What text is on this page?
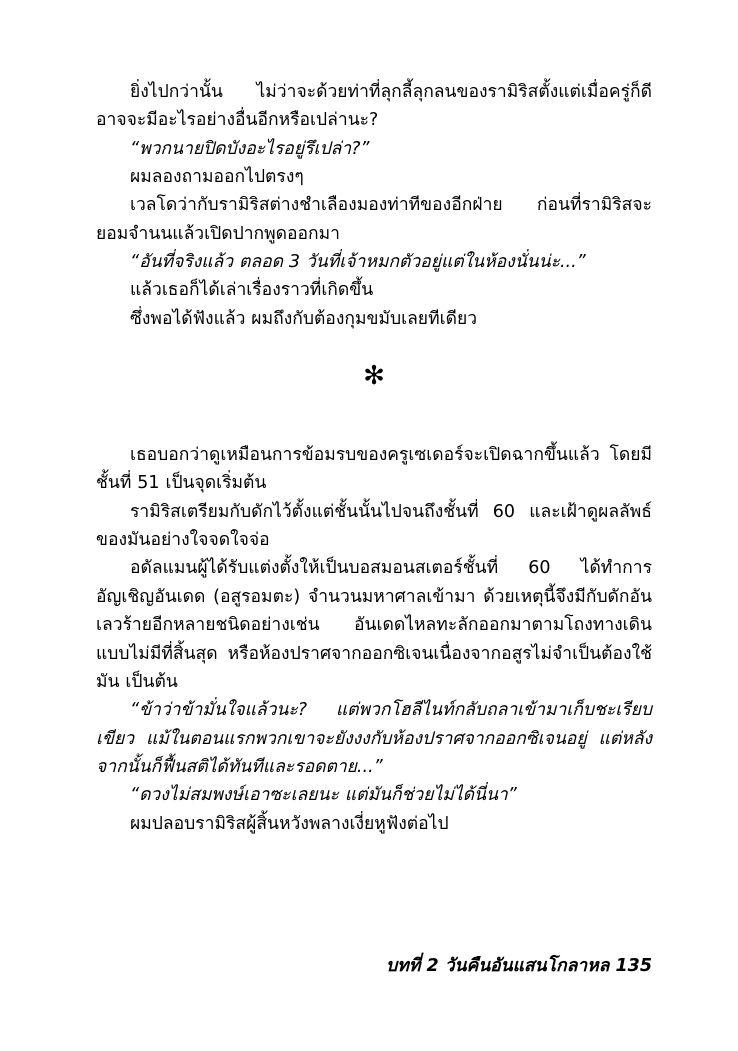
ยิ่งไปกว่านั้น ไม่ว่าจะด้วยท่าที่ลุกลี้ลุกลนของรามิริสตั้งแต่เมื่อครู่ก็ดี อาจจะมีอะไรอย่างอื่นอีกหรือเปล่านะ?

“พวกนายปิดบังอะไรอยู่รึเปล่า?”

ผมลองถามออกไปตรงๆ

เวลโดว่ากับรามิริสต่างชำเลืองมองท่าทีของอีกฝ่าย ก่อนที่รามิริสจะยอมจำนนแล้วเปิดปากพูดออกมา

“อันที่จริงแล้ว ตลอด 3 วันที่เจ้าหมกตัวอยู่แต่ในห้องนั่นน่ะ...”

แล้วเธอก็ได้เล่าเรื่องราวที่เกิดขึ้น

ซึ่งพอได้ฟังแล้ว ผมถึงกับต้องกุมขมับเลยทีเดียว

✻

เธอบอกว่าดูเหมือนการข้อมรบของครูเซเดอร์จะเปิดฉากขึ้นแล้ว โดยมีชั้นที่ 51 เป็นจุดเริ่มต้น

รามิริสเตรียมกับดักไว้ตั้งแต่ชั้นนั้นไปจนถึงชั้นที่ 60 และเฝ้าดูผลลัพธ์ของมันอย่างใจจดใจจ่อ

อดัลแมนผู้ได้รับแต่งตั้งให้เป็นบอสมอนสเตอร์ชั้นที่ 60 ได้ทำการอัญเชิญอันเดด (อสูรอมตะ) จำนวนมหาศาลเข้ามา ด้วยเหตุนี้จึงมีกับดักอันเลวร้ายอีกหลายชนิดอย่างเช่น อันเดดไหลทะลักออกมาตามโถงทางเดินแบบไม่มีที่สิ้นสุด หรือห้องปราศจากออกซิเจนเนื่องจากอสูรไม่จำเป็นต้องใช้มัน เป็นต้น

“ข้าว่าข้ามั่นใจแล้วนะ? แต่พวกโฮลีไนท์กลับถลาเข้ามาเก็บชะเรียบเขียว แม้ในตอนแรกพวกเขาจะยังงงกับห้องปราศจากออกซิเจนอยู่ แต่หลังจากนั้นก็ฟื้นสติได้ทันทีและรอดตาย...”

“ดวงไม่สมพงษ์เอาซะเลยนะ แต่มันก็ช่วยไม่ได้นี่นา”

ผมปลอบรามิริสผู้สิ้นหวังพลางเงี่ยหูฟังต่อไป

บทที่ 2 วันคืนอันแสนโกลาหล 135
